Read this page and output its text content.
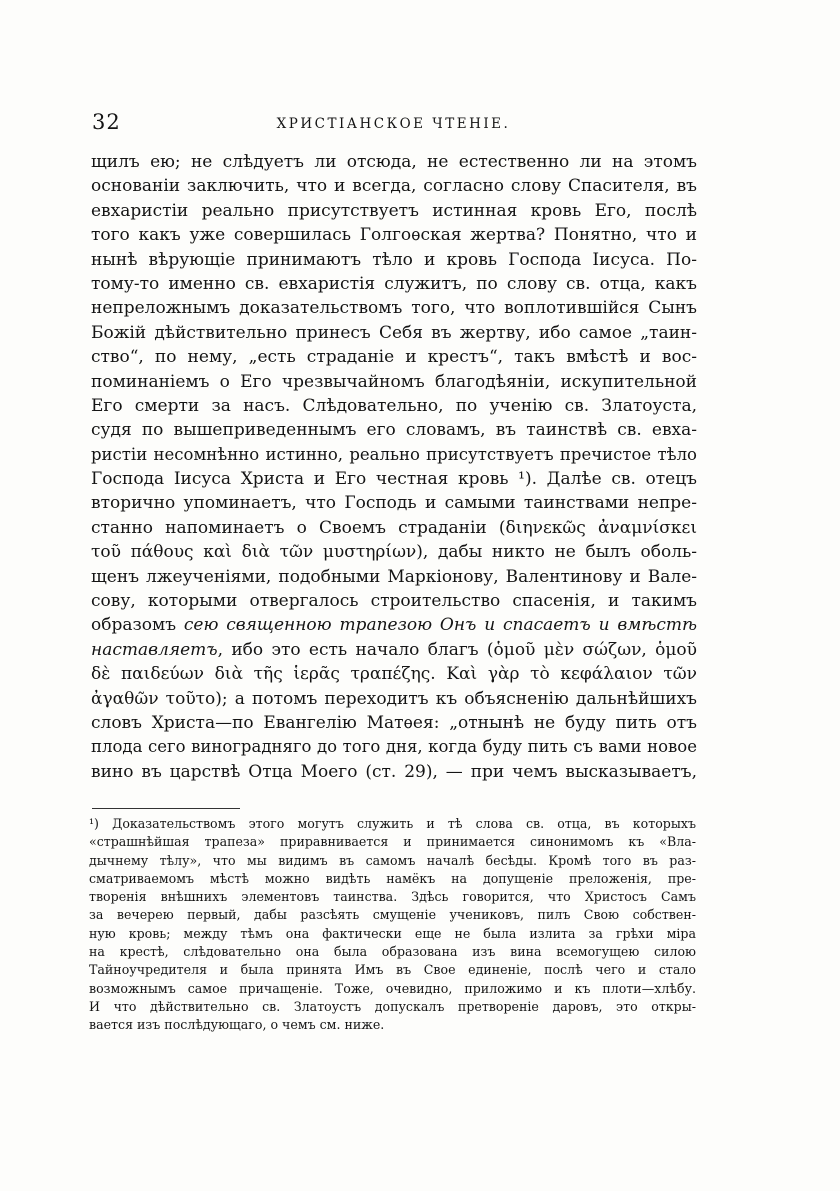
32	ХРИСТІАНСКОЕ ЧТЕНІЕ.
щилъ ею; не слѣдуетъ ли отсюда, не естественно ли на этомъ
основаніи заключить, что и всегда, согласно слову Спасителя, въ
евхаристіи реально присутствуетъ истинная кровь Его, послѣ
того какъ уже совершилась Голгоѳская жертва? Понятно, что и
нынѣ вѣрующіе принимаютъ тѣло и кровь Господа Іисуса. По-
тому-то именно св. евхаристія служитъ, по слову св. отца, какъ
непреложнымъ доказательствомъ того, что воплотившійся Сынъ
Божій дѣйствительно принесъ Себя въ жертву, ибо самое „таин-
ство“, по нему, „есть страданіе и крестъ“, такъ вмѣстѣ и вос-
поминаніемъ о Его чрезвычайномъ благодѣяніи, искупительной
Его смерти за насъ. Слѣдовательно, по ученію св. Златоуста,
судя по вышеприведеннымъ его словамъ, въ таинствѣ св. евха-
ристіи несомнѣнно истинно, реально присутствуетъ пречистое тѣло
Господа Іисуса Христа и Его честная кровь ¹). Далѣе св. отецъ
вторично упоминаетъ, что Господь и самыми таинствами непре-
станно напоминаетъ о Своемъ страданіи (διηνεκῶς ἀναμνίσκει
τοῦ πάθους καὶ διὰ τῶν μυστηρίων), дабы никто не былъ оболь-
щенъ лжеученіями, подобными Маркіонову, Валентинову и Вале-
сову, которыми отвергалось строительство спасенія, и такимъ
образомъ сею священною трапезою Онъ и спасаетъ и вмѣстѣ
наставляетъ, ибо это есть начало благъ (ὁμοῦ μὲν σώζων, ὁμοῦ
δὲ παιδεύων διὰ τῆς ἱερᾶς τραπέζης. Καὶ γὰρ τὸ κεφάλαιον τῶν
ἀγαθῶν τοῦτο); а потомъ переходитъ къ объясненію дальнѣйшихъ
словъ Христа—по Евангелію Матѳея: „отнынѣ не буду пить отъ
плода сего виноградняго до того дня, когда буду пить съ вами новое
вино въ царствѣ Отца Моего (ст. 29), — при чемъ высказываетъ,
¹) Доказательствомъ этого могутъ служить и тѣ слова св. отца, въ которыхъ
«страшнѣйшая трапеза» приравнивается и принимается синонимомъ къ «Вла-
дычнему тѣлу», что мы видимъ въ самомъ началѣ бесѣды. Кромѣ того въ раз-
сматриваемомъ мѣстѣ можно видѣть намёкъ на допущеніе преложенія, пре-
творенія внѣшнихъ элементовъ таинства. Здѣсь говорится, что Христосъ Самъ
за вечерею первый, дабы разсѣять смущеніе учениковъ, пилъ Свою собствен-
ную кровь; между тѣмъ она фактически еще не была излита за грѣхи міра
на крестѣ, слѣдовательно она была образована изъ вина всемогущею силою
Тайноучредителя и была принята Имъ въ Свое единеніе, послѣ чего и стало
возможнымъ самое причащеніе. Тоже, очевидно, приложимо и къ плоти—хлѣбу.
И что дѣйствительно св. Златоустъ допускалъ претвореніе даровъ, это откры-
вается изъ послѣдующаго, о чемъ см. ниже.
